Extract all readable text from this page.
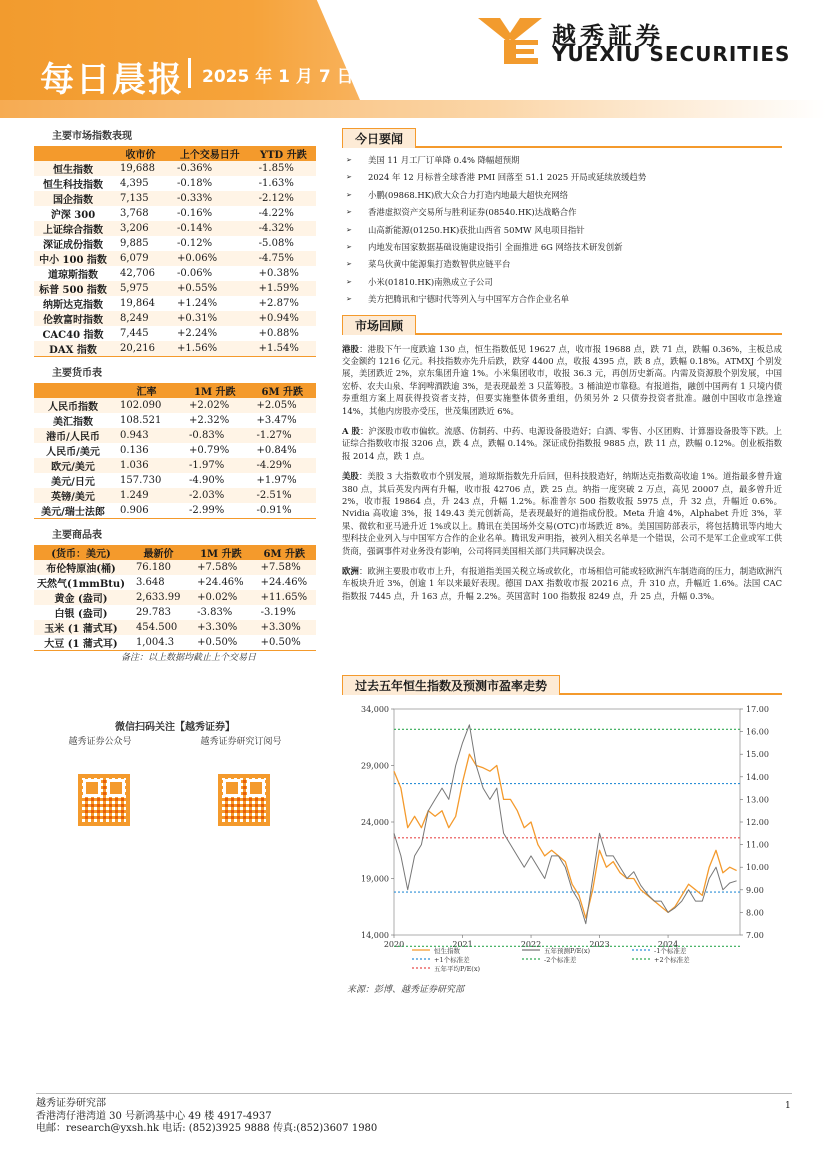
每日晨报 2025 年 1 月 7 日
越秀証券
YUEXIU SECURITIES
主要市场指数表现
	收市价	上个交易日升	YTD 升跌
恒生指数	19,688	-0.36%	-1.85%
恒生科技指数	4,395	-0.18%	-1.63%
国企指数	7,135	-0.33%	-2.12%
沪深 300	3,768	-0.16%	-4.22%
上证综合指数	3,206	-0.14%	-4.32%
深证成份指数	9,885	-0.12%	-5.08%
中小 100 指数	6,079	+0.06%	-4.75%
道琼斯指数	42,706	-0.06%	+0.38%
标普 500 指数	5,975	+0.55%	+1.59%
纳斯达克指数	19,864	+1.24%	+2.87%
伦敦富时指数	8,249	+0.31%	+0.94%
CAC40 指数	7,445	+2.24%	+0.88%
DAX 指数	20,216	+1.56%	+1.54%
主要货币表
	汇率	1M 升跌	6M 升跌
人民币指数	102.090	+2.02%	+2.05%
美汇指数	108.521	+2.32%	+3.47%
港币/人民币	0.943	-0.83%	-1.27%
人民币/美元	0.136	+0.79%	+0.84%
欧元/美元	1.036	-1.97%	-4.29%
美元/日元	157.730	-4.90%	+1.97%
英镑/美元	1.249	-2.03%	-2.51%
美元/瑞士法郎	0.906	-2.99%	-0.91%
主要商品表
(货币：美元)	最新价	1M 升跌	6M 升跌
布伦特原油(桶)	76.180	+7.58%	+7.58%
天然气(1mmBtu)	3.648	+24.46%	+24.46%
黄金 (盎司)	2,633.99	+0.02%	+11.65%
白银 (盎司)	29.783	-3.83%	-3.19%
玉米 (1 蒲式耳)	454.500	+3.30%	+3.30%
大豆 (1 蒲式耳)	1,004.3	+0.50%	+0.50%
备注：以上数据均截止上个交易日
微信扫码关注【越秀证券】
越秀证券公众号	越秀证券研究订阅号
今日要闻
➢ 美国 11 月工厂订单降 0.4% 降幅超预期
➢ 2024 年 12 月标普全球香港 PMI 回落至 51.1 2025 开局或延续放缓趋势
➢ 小鹏(09868.HK)欣大众合力打造内地最大超快充网络
➢ 香港虚拟资产交易所与胜利证券(08540.HK)达战略合作
➢ 山高新能源(01250.HK)获批山西省 50MW 风电项目指针
➢ 内地发布国家数据基础设施建设指引 全面推进 6G 网络技术研发创新
➢ 菜鸟伙黄中能源集打造数智供应链平台
➢ 小米(01810.HK)南熟成立子公司
➢ 美方把腾讯和宁德时代等列入与中国军方合作企业名单
市场回顾
港股：港股下午一度跌逾 130 点，恒生指数低见 19627 点，收市报 19688 点，跌 71 点，跌幅 0.36%，主板总成交金额约 1216 亿元。科技指数亦先升后跌，跌穿 4400 点，收报 4395 点，跌 8 点，跌幅 0.18%。ATMXJ 个别发展，美团跌近 2%，京东集团升逾 1%。小米集团收市，收报 36.3 元，再创历史新高。内需及资源股个别发展，中国宏桥、农夫山泉、华润啤酒跌逾 3%，是表现最差 3 只蓝筹股。3 桶油逆市靠稳。有报道指，融创中国两有 1 只境内债券重组方案上周获得投资者支持，但要实施整体债务重组，仍须另外 2 只债券投资者批准。融创中国收市急挫逾 14%，其他内房股亦受压，世茂集团跌近 6%。
A 股：沪深股市收市偏软。流感、仿制药、中药、电源设备股造好；白酒、零售、小区团购、计算器设备股等下跌。上证综合指数收市报 3206 点，跌 4 点，跌幅 0.14%。深证成份指数报 9885 点，跌 11 点，跌幅 0.12%。创业板指数报 2014 点，跌 1 点。
美股：美股 3 大指数收市个别发展，道琼斯指数先升后回，但科技股造好，纳斯达克指数高收逾 1%。道指最多曾升逾 380 点，其后英发内两有升幅，收市报 42706 点，跌 25 点。纳指一度突破 2 万点，高见 20007 点，最多曾升近 2%，收市报 19864 点，升 243 点，升幅 1.2%。标准普尔 500 指数收报 5975 点，升 32 点，升幅近 0.6%。Nvidia 高收逾 3%，报 149.43 美元创新高，是表现最好的道指成份股。Meta 升逾 4%，Alphabet 升近 3%，苹果、微软和亚马逊升近 1%或以上。腾讯在美国场外交易(OTC)市场跌近 8%。美国国防部表示，将包括腾讯等内地大型科技企业列入与中国军方合作的企业名单。腾讯发声明指，被列入相关名单是一个错误，公司不是军工企业或军工供货商，强调事件对业务没有影响，公司将同美国相关部门共同解决误会。
欧洲：欧洲主要股市收市上升，有报道指美国关税立场或软化，市场相信可能或轻欧洲汽车制造商的压力，制造欧洲汽车板块升近 3%，创逾 1 年以来最好表现。德国 DAX 指数收市报 20216 点，升 310 点，升幅近 1.6%。法国 CAC 指数报 7445 点，升 163 点，升幅 2.2%。英国富时 100 指数报 8249 点，升 25 点，升幅 0.3%。
过去五年恒生指数及预测市盈率走势
34,000
29,000
24,000
19,000
14,000
17.00
16.00
15.00
14.00
13.00
12.00
11.00
10.00
9.00
8.00
7.00
2020	2021	2022	2023	2024
恒生指数	五年预测P/E(x)	-1个标准差
+1个标准差	-2个标准差	+2个标准差
五年平均P/E(x)
来源：彭博、越秀证券研究部
越秀证券研究部
香港湾仔港湾道 30 号新鸿基中心 49 楼 4917-4937
电邮：research@yxsh.hk 电话: (852)3925 9888 传真:(852)3607 1980
1
